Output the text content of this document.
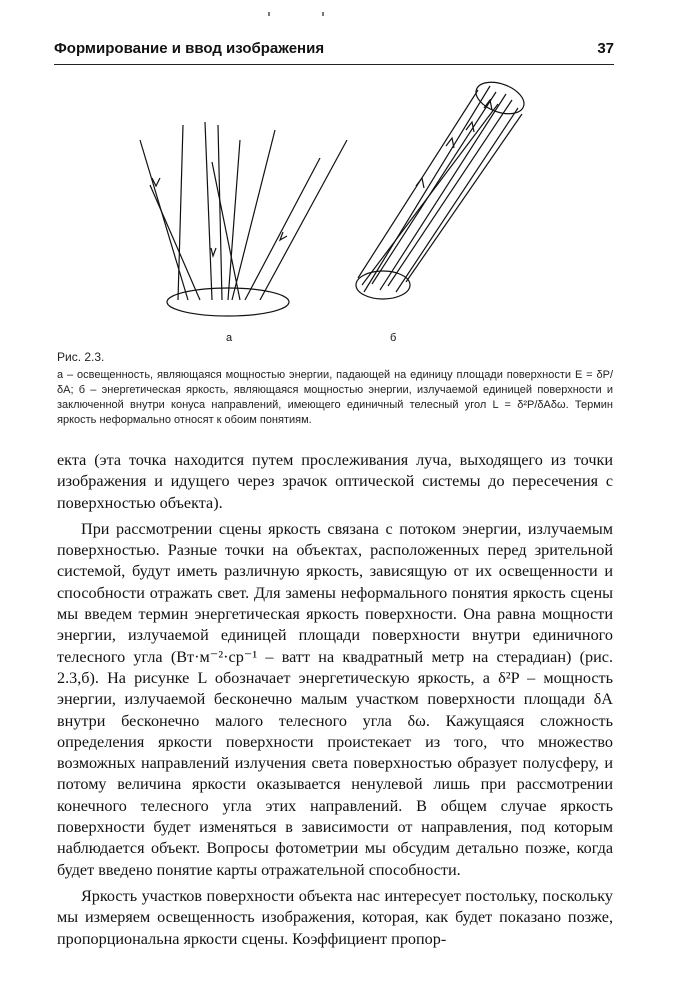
Формирование и ввод изображения	37
а	б
Рис. 2.3.
а – освещенность, являющаяся мощностью энергии, падающей на единицу площади поверхности E = δP/δA; б – энергетическая яркость, являющаяся мощностью энергии, излучаемой единицей поверхности и заключенной внутри конуса направлений, имеющего единичный телесный угол L = δ²P/δAδω. Термин яркость неформально относят к обоим понятиям.

екта (эта точка находится путем прослеживания луча, выходящего из точки изображения и идущего через зрачок оптической системы до пересечения с поверхностью объекта).

При рассмотрении сцены яркость связана с потоком энергии, излучаемым поверхностью. Разные точки на объектах, расположенных перед зрительной системой, будут иметь различную яркость, зависящую от их освещенности и способности отражать свет. Для замены неформального понятия яркость сцены мы введем термин энергетическая яркость поверхности. Она равна мощности энергии, излучаемой единицей площади поверхности внутри единичного телесного угла (Вт·м⁻²·ср⁻¹ – ватт на квадратный метр на стерадиан) (рис. 2.3,б). На рисунке L обозначает энергетическую яркость, а δ²P – мощность энергии, излучаемой бесконечно малым участком поверхности площади δA внутри бесконечно малого телесного угла δω. Кажущаяся сложность определения яркости поверхности проистекает из того, что множество возможных направлений излучения света поверхностью образует полусферу, и потому величина яркости оказывается ненулевой лишь при рассмотрении конечного телесного угла этих направлений. В общем случае яркость поверхности будет изменяться в зависимости от направления, под которым наблюдается объект. Вопросы фотометрии мы обсудим детально позже, когда будет введено понятие карты отражательной способности.

Яркость участков поверхности объекта нас интересует постольку, поскольку мы измеряем освещенность изображения, которая, как будет показано позже, пропорциональна яркости сцены. Коэффициент пропор-
